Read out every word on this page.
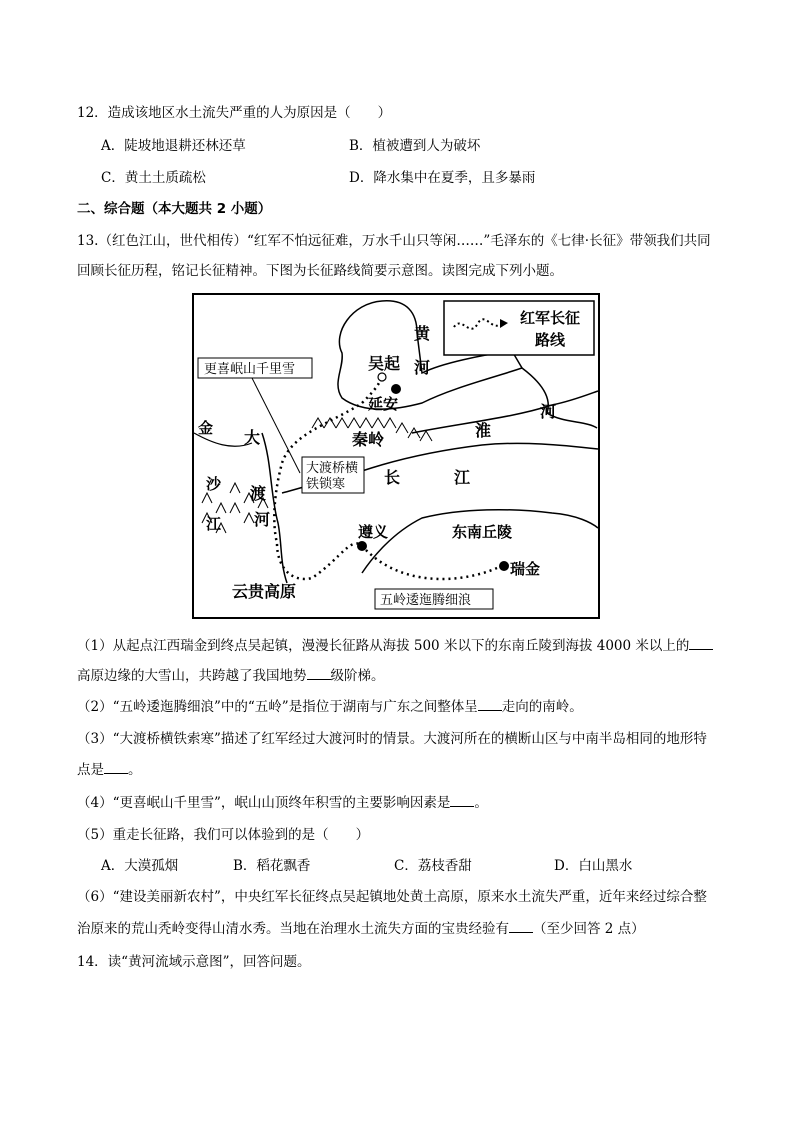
12．造成该地区水土流失严重的人为原因是（　　）
A．陡坡地退耕还林还草	B．植被遭到人为破坏
C．黄土土质疏松	D．降水集中在夏季，且多暴雨
二、综合题（本大题共 2 小题）
13.（红色江山，世代相传）“红军不怕远征难，万水千山只等闲……”毛泽东的《七律·长征》带领我们共同
回顾长征历程，铭记长征精神。下图为长征路线简要示意图。读图完成下列小题。
红军长征
路线
更喜岷山千里雪
大渡桥横
铁锁寒
五岭逶迤腾细浪
吴起
延安
秦岭
黄
河
淮
河
长	江
金
沙
江
大
渡
河
遵义	东南丘陵
瑞金
云贵高原
（1）从起点江西瑞金到终点吴起镇，漫漫长征路从海拔 500 米以下的东南丘陵到海拔 4000 米以上的
高原边缘的大雪山，共跨越了我国地势 级阶梯。
（2）“五岭逶迤腾细浪”中的“五岭”是指位于湖南与广东之间整体呈 走向的南岭。
（3）“大渡桥横铁索寒”描述了红军经过大渡河时的情景。大渡河所在的横断山区与中南半岛相同的地形特
点是 。
（4）“更喜岷山千里雪”，岷山山顶终年积雪的主要影响因素是 。
（5）重走长征路，我们可以体验到的是（　　）
A．大漠孤烟	B．稻花飘香	C．荔枝香甜	D．白山黑水
（6）“建设美丽新农村”，中央红军长征终点吴起镇地处黄土高原，原来水土流失严重，近年来经过综合整
治原来的荒山秃岭变得山清水秀。当地在治理水土流失方面的宝贵经验有 （至少回答 2 点）
14．读“黄河流域示意图”，回答问题。
